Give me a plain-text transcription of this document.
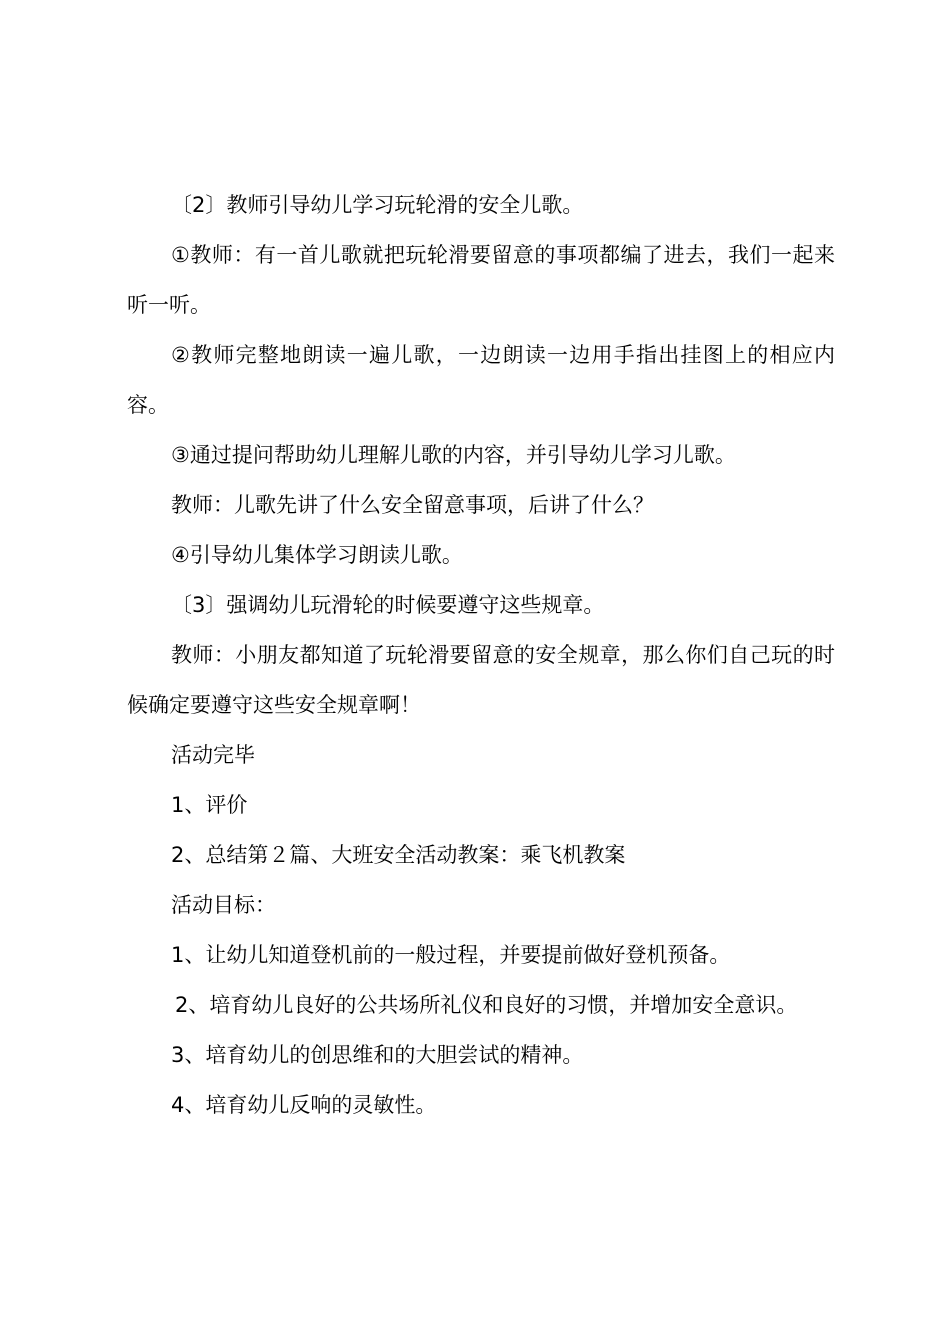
〔2〕教师引导幼儿学习玩轮滑的安全儿歌。

①教师：有一首儿歌就把玩轮滑要留意的事项都编了进去，我们一起来听一听。

②教师完整地朗读一遍儿歌，一边朗读一边用手指出挂图上的相应内容。

③通过提问帮助幼儿理解儿歌的内容，并引导幼儿学习儿歌。

教师：儿歌先讲了什么安全留意事项，后讲了什么？

④引导幼儿集体学习朗读儿歌。

〔3〕强调幼儿玩滑轮的时候要遵守这些规章。

教师：小朋友都知道了玩轮滑要留意的安全规章，那么你们自己玩的时候确定要遵守这些安全规章啊！

活动完毕

1、评价

2、总结第２篇、大班安全活动教案：乘飞机教案

活动目标：

1、让幼儿知道登机前的一般过程，并要提前做好登机预备。

2、培育幼儿良好的公共场所礼仪和良好的习惯，并增加安全意识。

3、培育幼儿的创思维和的大胆尝试的精神。

4、培育幼儿反响的灵敏性。
